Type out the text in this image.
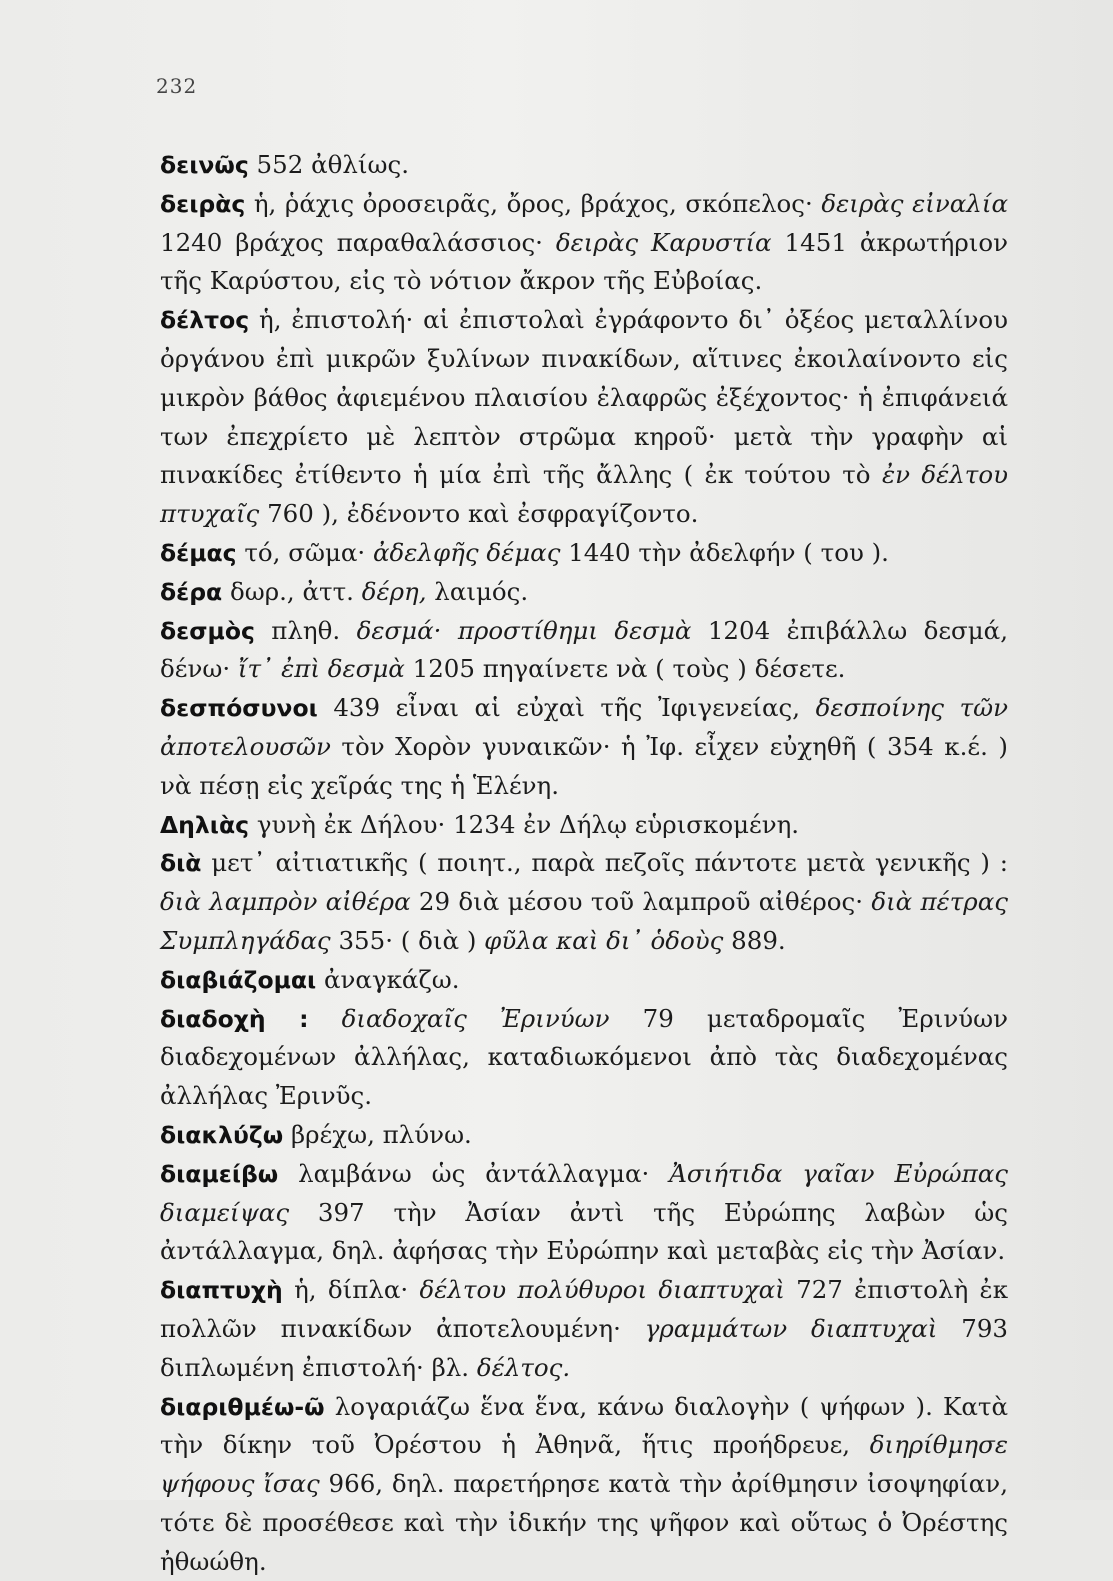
232

δεινῶς 552 ἀθλίως.

δειρὰς ἡ, ῥάχις ὀροσειρᾶς, ὄρος, βράχος, σκόπελος· δειρὰς εἰναλία 1240 βράχος παραθαλάσσιος· δειρὰς Καρυστία 1451 ἀκρωτήριον τῆς Καρύστου, εἰς τὸ νότιον ἄκρον τῆς Εὐβοίας.

δέλτος ἡ, ἐπιστολή· αἱ ἐπιστολαὶ ἐγράφοντο δι᾽ ὀξέος μεταλλίνου ὀργάνου ἐπὶ μικρῶν ξυλίνων πινακίδων, αἵτινες ἐκοιλαίνοντο εἰς μικρὸν βάθος ἀφιεμένου πλαισίου ἐλαφρῶς ἐξέχοντος· ἡ ἐπιφάνειά των ἐπεχρίετο μὲ λεπτὸν στρῶμα κηροῦ· μετὰ τὴν γραφὴν αἱ πινακίδες ἐτίθεντο ἡ μία ἐπὶ τῆς ἄλλης ( ἐκ τούτου τὸ ἐν δέλτου πτυχαῖς 760 ), ἐδένοντο καὶ ἐσφραγίζοντο.

δέμας τό, σῶμα· ἀδελφῆς δέμας 1440 τὴν ἀδελφήν ( του ).

δέρα δωρ., ἀττ. δέρη, λαιμός.

δεσμὸς πληθ. δεσμά· προστίθημι δεσμὰ 1204 ἐπιβάλλω δεσμά, δένω· ἴτ᾽ ἐπὶ δεσμὰ 1205 πηγαίνετε νὰ ( τοὺς ) δέσετε.

δεσπόσυνοι 439 εἶναι αἱ εὐχαὶ τῆς Ἰφιγενείας, δεσποίνης τῶν ἀποτελουσῶν τὸν Χορὸν γυναικῶν· ἡ Ἰφ. εἶχεν εὐχηθῆ ( 354 κ.έ. ) νὰ πέσῃ εἰς χεῖράς της ἡ Ἑλένη.

Δηλιὰς γυνὴ ἐκ Δήλου· 1234 ἐν Δήλῳ εὑρισκομένη.

διὰ μετ᾽ αἰτιατικῆς ( ποιητ., παρὰ πεζοῖς πάντοτε μετὰ γενικῆς ) : διὰ λαμπρὸν αἰθέρα 29 διὰ μέσου τοῦ λαμπροῦ αἰθέρος· διὰ πέτρας Συμπληγάδας 355· ( διὰ ) φῦλα καὶ δι᾽ ὁδοὺς 889.

διαβιάζομαι ἀναγκάζω.

διαδοχὴ : διαδοχαῖς Ἐρινύων 79 μεταδρομαῖς Ἐρινύων διαδεχομένων ἀλλήλας, καταδιωκόμενοι ἀπὸ τὰς διαδεχομένας ἀλλήλας Ἐρινῦς.

διακλύζω βρέχω, πλύνω.

διαμείβω λαμβάνω ὡς ἀντάλλαγμα· Ἀσιήτιδα γαῖαν Εὐρώπας διαμείψας 397 τὴν Ἀσίαν ἀντὶ τῆς Εὐρώπης λαβὼν ὡς ἀντάλλαγμα, δηλ. ἀφήσας τὴν Εὐρώπην καὶ μεταβὰς εἰς τὴν Ἀσίαν.

διαπτυχὴ ἡ, δίπλα· δέλτου πολύθυροι διαπτυχαὶ 727 ἐπιστολὴ ἐκ πολλῶν πινακίδων ἀποτελουμένη· γραμμάτων διαπτυχαὶ 793 διπλωμένη ἐπιστολή· βλ. δέλτος.

διαριθμέω-ῶ λογαριάζω ἕνα ἕνα, κάνω διαλογὴν ( ψήφων ). Κατὰ τὴν δίκην τοῦ Ὀρέστου ἡ Ἀθηνᾶ, ἥτις προήδρευε, διηρίθμησε ψήφους ἴσας 966, δηλ. παρετήρησε κατὰ τὴν ἀρίθμησιν ἰσοψηφίαν, τότε δὲ προσέθεσε καὶ τὴν ἰδικήν της ψῆφον καὶ οὕτως ὁ Ὀρέστης ἠθωώθη.
